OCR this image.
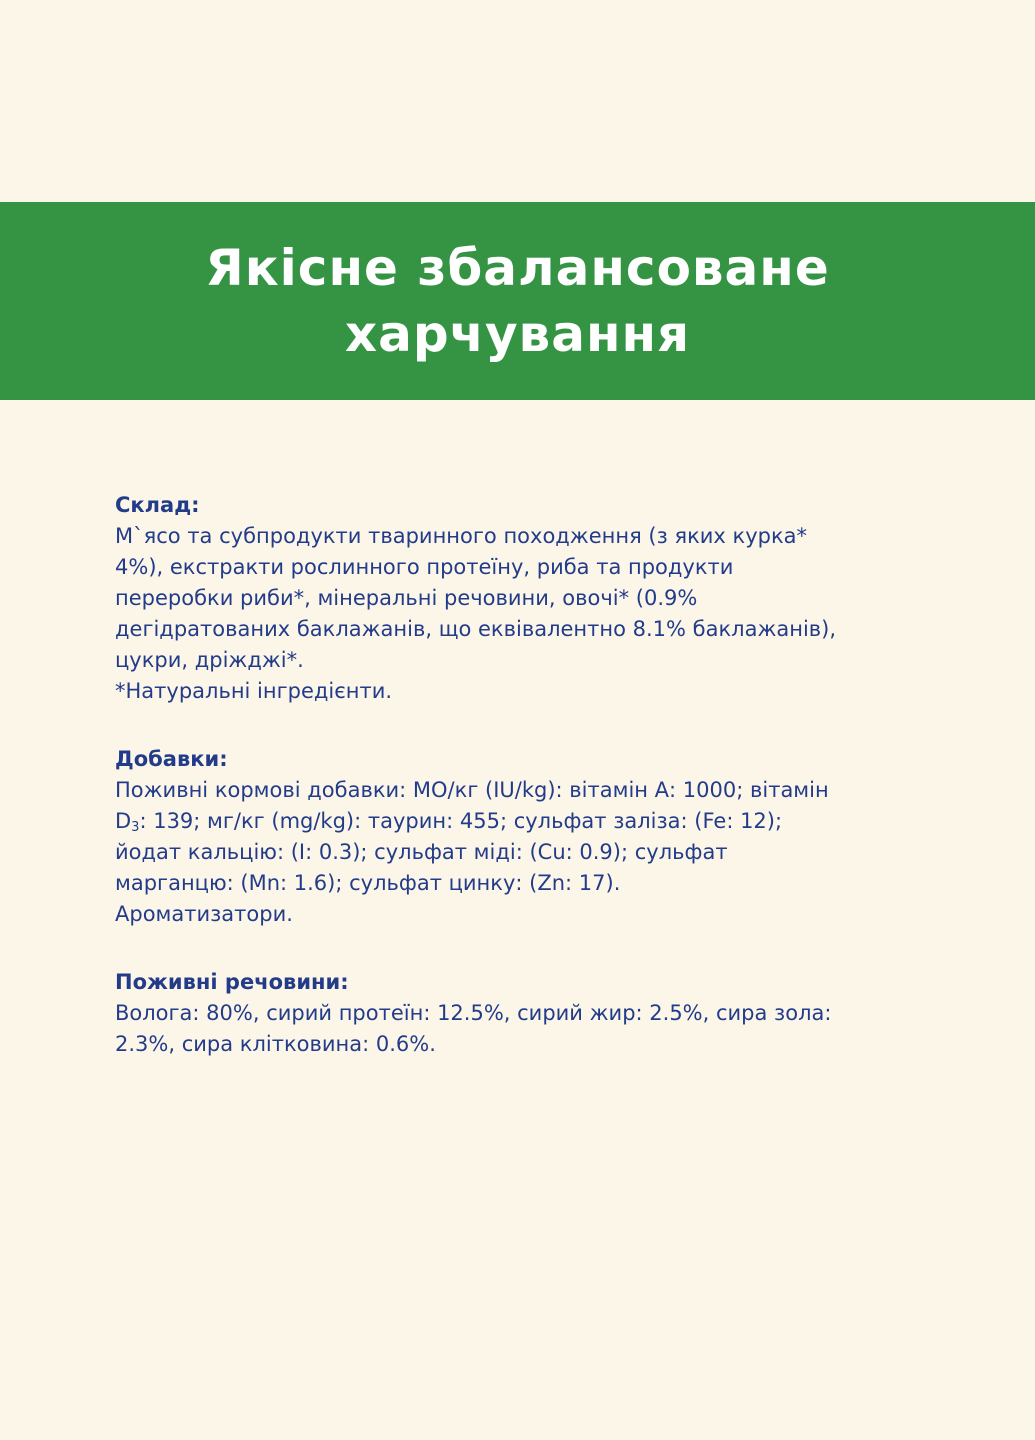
Якісне збалансоване
харчування
Склад:
М`ясо та субпродукти тваринного походження (з яких курка*
4%), екстракти рослинного протеїну, риба та продукти
переробки риби*, мінеральні речовини, овочі* (0.9%
дегідратованих баклажанів, що еквівалентно 8.1% баклажанів),
цукри, дріжджі*.
*Натуральні інгредієнти.
Добавки:
Поживні кормові добавки: МО/кг (IU/kg): вітамін А: 1000; вітамін
$D_3$: 139; мг/кг (mg/kg): таурин: 455; сульфат заліза: (Fe: 12);
йодат кальцію: (I: 0.3); сульфат міді: (Cu: 0.9); сульфат
марганцю: (Mn: 1.6); сульфат цинку: (Zn: 17).
Ароматизатори.
Поживні речовини:
Волога: 80%, сирий протеїн: 12.5%, сирий жир: 2.5%, сира зола:
2.3%, сира клітковина: 0.6%.
